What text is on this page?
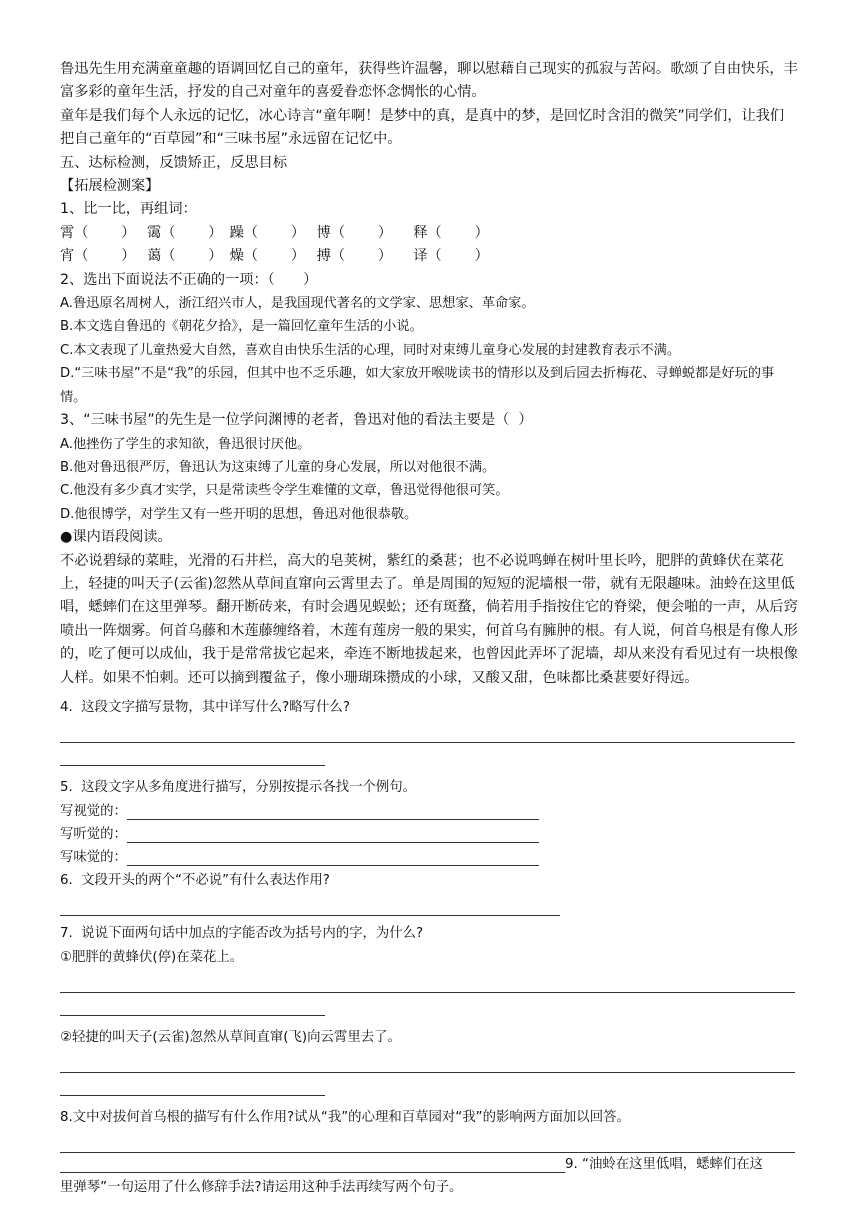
鲁迅先生用充满童童趣的语调回忆自己的童年，获得些许温馨，聊以慰藉自己现实的孤寂与苦闷。歌颂了自由快乐，丰富多彩的童年生活，抒发的自己对童年的喜爱眷恋怀念惆怅的心情。

童年是我们每个人永远的记忆，冰心诗言“童年啊！是梦中的真，是真中的梦，是回忆时含泪的微笑”同学们，让我们把自己童年的“百草园”和“三味书屋”永远留在记忆中。

五、达标检测，反馈矫正，反思目标

【拓展检测案】

1、比一比，再组词：

霄（　　 ）　 霭（　　 ）　躁（　　 ）　 博（　　 ）　　释（　　 ）

宵（　　 ）　 蔼（　　 ）　燥（　　 ）　 搏（　　 ）　　译（　　 ）

2、选出下面说法不正确的一项：（　　）

A.鲁迅原名周树人，浙江绍兴市人，是我国现代著名的文学家、思想家、革命家。

B.本文选自鲁迅的《朝花夕拾》，是一篇回忆童年生活的小说。

C.本文表现了儿童热爱大自然，喜欢自由快乐生活的心理，同时对束缚儿童身心发展的封建教育表示不满。

D.“三味书屋”不是“我”的乐园，但其中也不乏乐趣，如大家放开喉咙读书的情形以及到后园去折梅花、寻蝉蜕都是好玩的事情。

3、“三味书屋”的先生是一位学问渊博的老者，鲁迅对他的看法主要是（  ）

A.他挫伤了学生的求知欲，鲁迅很讨厌他。

B.他对鲁迅很严厉，鲁迅认为这束缚了儿童的身心发展，所以对他很不满。

C.他没有多少真才实学，只是常读些令学生难懂的文章，鲁迅觉得他很可笑。

D.他很博学，对学生又有一些开明的思想，鲁迅对他很恭敬。

●课内语段阅读。

不必说碧绿的菜畦，光滑的石井栏，高大的皂荚树，紫红的桑葚；也不必说鸣蝉在树叶里长吟，肥胖的黄蜂伏在菜花上，轻捷的叫天子(云雀)忽然从草间直窜向云霄里去了。单是周围的短短的泥墙根一带，就有无限趣味。油蛉在这里低唱，蟋蟀们在这里弹琴。翻开断砖来，有时会遇见蜈蚣；还有斑蝥，倘若用手指按住它的脊梁，便会啪的一声，从后窍喷出一阵烟雾。何首乌藤和木莲藤缠络着，木莲有莲房一般的果实，何首乌有臃肿的根。有人说，何首乌根是有像人形的，吃了便可以成仙，我于是常常拔它起来，牵连不断地拔起来，也曾因此弄坏了泥墙，却从来没有看见过有一块根像人样。如果不怕刺。还可以摘到覆盆子，像小珊瑚珠攒成的小球，又酸又甜，色味都比桑葚要好得远。

4.  这段文字描写景物，其中详写什么?略写什么?

5.  这段文字从多角度进行描写，分别按提示各找一个例句。

写视觉的：
写听觉的：
写味觉的：

6.  文段开头的两个“不必说”有什么表达作用?

7.  说说下面两句话中加点的字能否改为括号内的字，为什么?

①肥胖的黄蜂伏(停)在菜花上。

②轻捷的叫天子(云雀)忽然从草间直窜(飞)向云霄里去了。

8.文中对拔何首乌根的描写有什么作用?试从“我”的心理和百草园对“我”的影响两方面加以回答。

9. “油蛉在这里低唱，蟋蟀们在这

里弹琴”一句运用了什么修辞手法?请运用这种手法再续写两个句子。
